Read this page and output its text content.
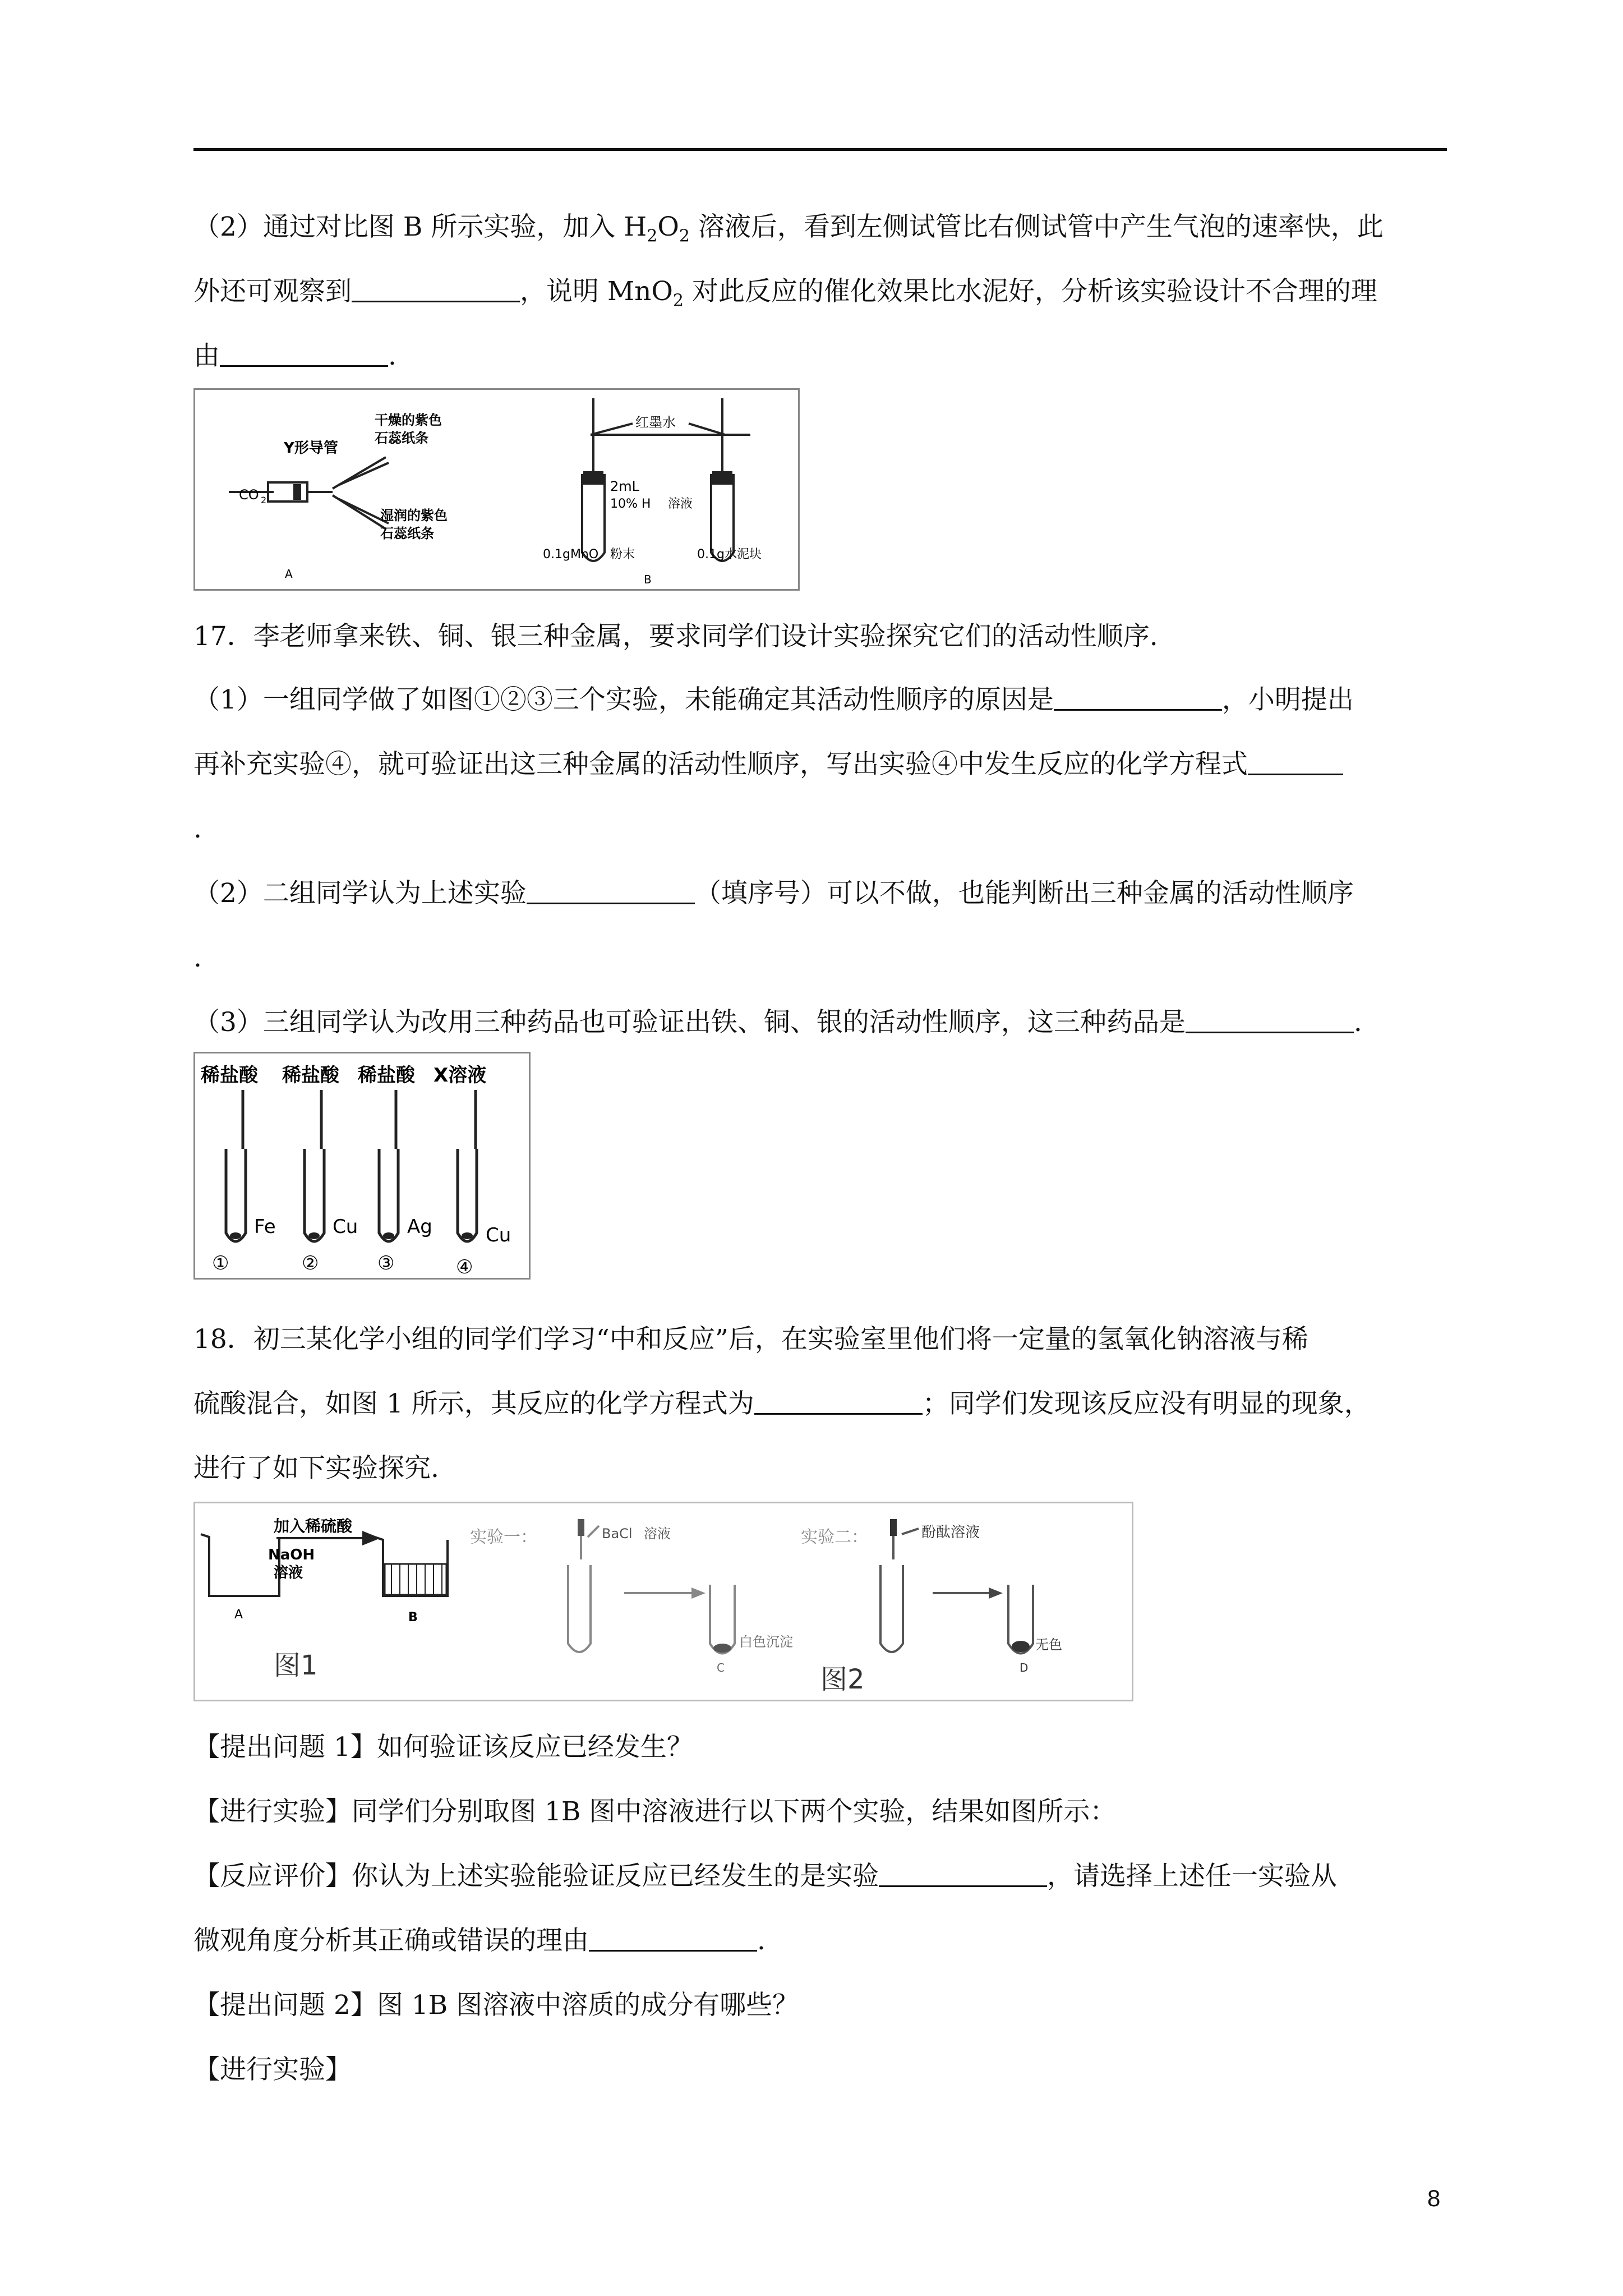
（2）通过对比图 B 所示实验，加入 $H_2O_2$ 溶液后，看到左侧试管比右侧试管中产生气泡的速率快，此
外还可观察到	，说明 MnO$_2$ 对此反应的催化效果比水泥好，分析该实验设计不合理的理
由	.
CO 2
Y形导管
干燥的紫色
石蕊纸条
湿润的紫色
石蕊纸条
A
红墨水
2mL
10% H 溶液
0.1gMnO 粉末	0.1g水泥块
B
17．李老师拿来铁、铜、银三种金属，要求同学们设计实验探究它们的活动性顺序.
（1）一组同学做了如图①②③三个实验，未能确定其活动性顺序的原因是	，小明提出
再补充实验④，就可验证出这三种金属的活动性顺序，写出实验④中发生反应的化学方程式
.
（2）二组同学认为上述实验	（填序号）可以不做，也能判断出三种金属的活动性顺序
.
（3）三组同学认为改用三种药品也可验证出铁、铜、银的活动性顺序，这三种药品是	.
稀盐酸 稀盐酸 稀盐酸 X溶液
Fe	Cu	Ag	Cu
①	②	③	④
18．初三某化学小组的同学们学习“中和反应”后，在实验室里他们将一定量的氢氧化钠溶液与稀
硫酸混合，如图 1 所示，其反应的化学方程式为	；同学们发现该反应没有明显的现象，
进行了如下实验探究.
加入稀硫酸
NaOH
溶液
A	B
图1
实验一：	BaCl 溶液
白色沉淀
C
实验二：	酚酞溶液
无色
D
图2
【提出问题 1】如何验证该反应已经发生？
【进行实验】同学们分别取图 1B 图中溶液进行以下两个实验，结果如图所示：
【反应评价】你认为上述实验能验证反应已经发生的是实验	，请选择上述任一实验从
微观角度分析其正确或错误的理由	.
【提出问题 2】图 1B 图溶液中溶质的成分有哪些？
【进行实验】
8
